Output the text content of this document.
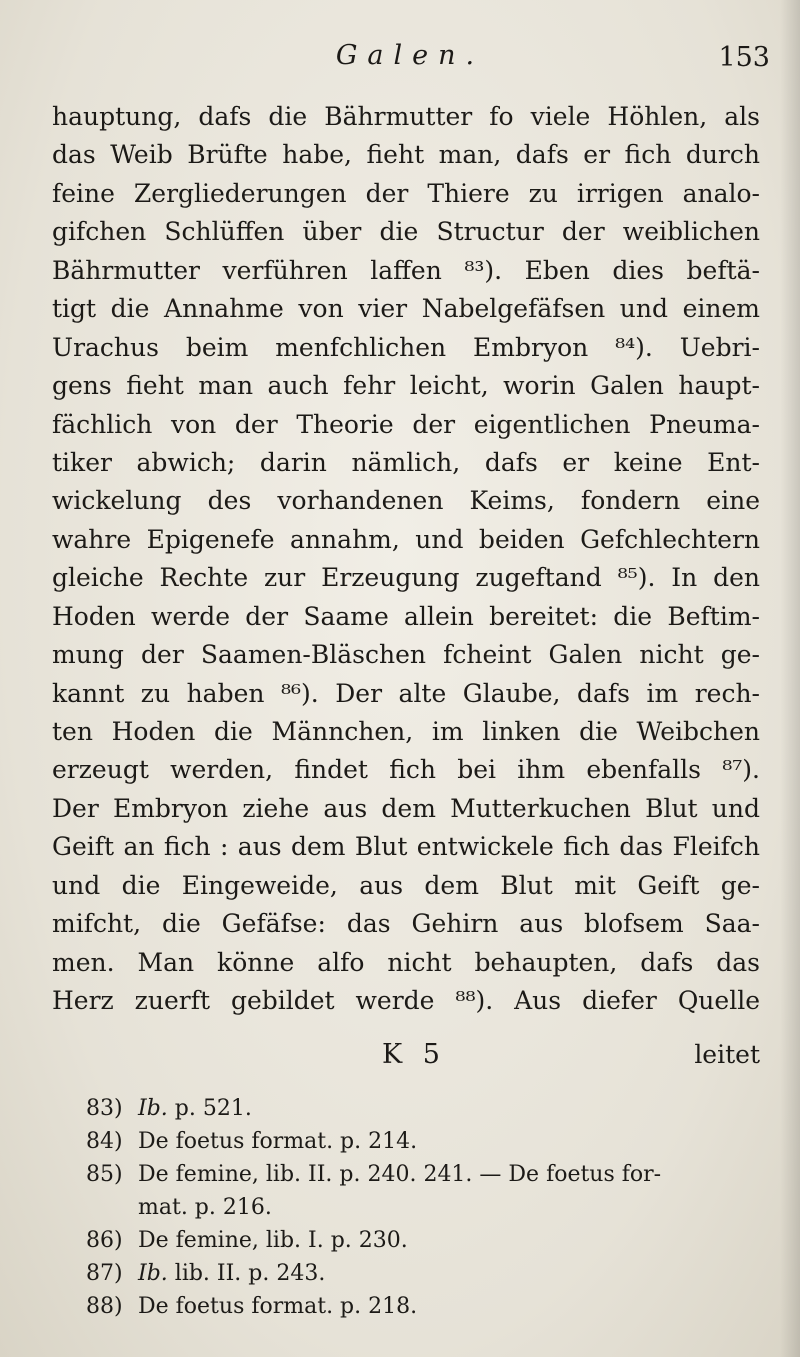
Galen.	153
hauptung, dafs die Bährmutter fo viele Höhlen, als
das Weib Brüfte habe, fieht man, dafs er fich durch
feine Zergliederungen der Thiere zu irrigen analo-
gifchen Schlüffen über die Structur der weiblichen
Bährmutter verführen laffen ⁸³). Eben dies beftä-
tigt die Annahme von vier Nabelgefäfsen und einem
Urachus beim menfchlichen Embryon ⁸⁴). Uebri-
gens fieht man auch fehr leicht, worin Galen haupt-
fächlich von der Theorie der eigentlichen Pneuma-
tiker abwich; darin nämlich, dafs er keine Ent-
wickelung des vorhandenen Keims, fondern eine
wahre Epigenefe annahm, und beiden Gefchlechtern
gleiche Rechte zur Erzeugung zugeftand ⁸⁵). In den
Hoden werde der Saame allein bereitet: die Beftim-
mung der Saamen-Bläschen fcheint Galen nicht ge-
kannt zu haben ⁸⁶). Der alte Glaube, dafs im rech-
ten Hoden die Männchen, im linken die Weibchen
erzeugt werden, findet fich bei ihm ebenfalls ⁸⁷).
Der Embryon ziehe aus dem Mutterkuchen Blut und
Geift an fich : aus dem Blut entwickele fich das Fleifch
und die Eingeweide, aus dem Blut mit Geift ge-
mifcht, die Gefäfse: das Gehirn aus blofsem Saa-
men. Man könne alfo nicht behaupten, dafs das
Herz zuerft gebildet werde ⁸⁸). Aus diefer Quelle
K 5	leitet
83) Ib. p. 521.
84) De foetus format. p. 214.
85) De femine, lib. II. p. 240. 241. — De foetus for-
mat. p. 216.
86) De femine, lib. I. p. 230.
87) Ib. lib. II. p. 243.
88) De foetus format. p. 218.
